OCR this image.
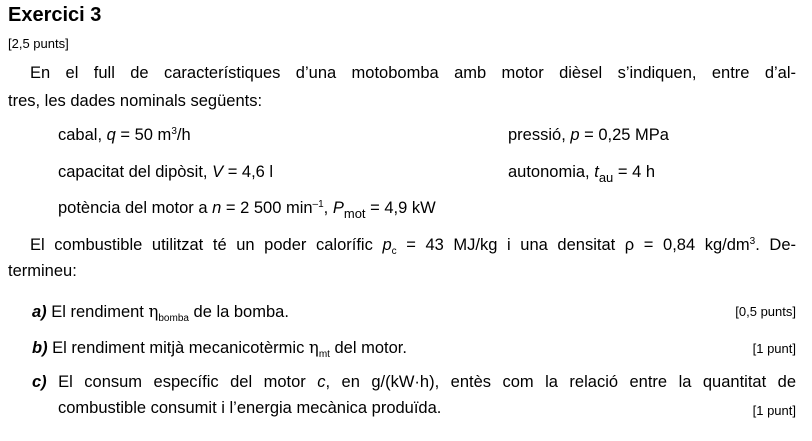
Exercici 3
[2,5 punts]
En el full de característiques d’una motobomba amb motor dièsel s’indiquen, entre d’al-
tres, les dades nominals següents:
cabal, q = 50 $m^3/h$	pressió, p = 0,25 MPa
capacitat del dipòsit, V = 4,6 l	autonomia, $t_{au} = 4$ h
potència del motor a n = 2 500 $\min^{-1}$, $P_{mot} = 4,9$ kW
El combustible utilitzat té un poder calorífic $p_c = 43$ MJ/kg i una densitat ρ = 0,84 $kg/dm^3$. De-
termineu:
a) El rendiment $\eta_{bomba}$ de la bomba.	[0,5 punts]
b) El rendiment mitjà mecanicotèrmic $\eta_{mt}$ del motor.	[1 punt]
c) El consum específic del motor c, en g/(kW·h), entès com la relació entre la quantitat de
combustible consumit i l’energia mecànica produïda.	[1 punt]
